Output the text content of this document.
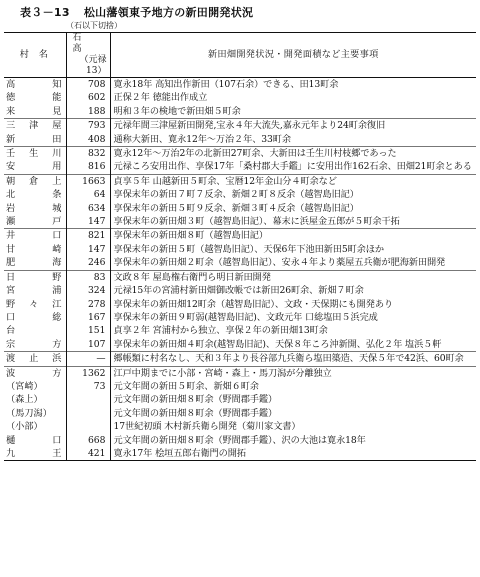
表３－13 松山藩領東予地方の新田開発状況
（石以下切捨）
村名	石高
（元禄13）	新田畑開発状況・開発面積など主要事項
高知	708	寛永18年 高知出作新田（107石余）できる、田13町余
徳能	602	正保２年 徳能出作成立
来見	188	明和３年の検地で新田畑５町余
三津屋	793	元禄年間三津屋新田開発,宝永４年大流失,嘉永元年より24町余復旧
新田	408	通称大新田、寛永12年～万治２年、33町余
壬生川	832	寛永12年～万治2年の北新田27町余、大新田は壬生川村枝郷であった
安用	816	元禄ころ安用出作、享保17年「桑村郡大手鑑」に安用出作162石余、田畑21町余とある
朝倉上	1663	貞享５年 山越新田５町余、宝暦12年金山分４町余など
北条	64	享保末年の新田７町７反余、新畑２町８反余（越智島旧記）
岩城	634	享保末年の新田５町９反余、新畑３町４反余（越智島旧記）
瀬戸	147	享保末年の新田畑３町（越智島旧記）、幕末に浜屋金五郎が５町余干拓
井口	821	享保末年の新田畑８町（越智島旧記）
甘崎	147	享保末年の新田５町（越智島旧記）、天保6年下池田新田5町余ほか
肥海	246	享保末年の新田畑２町余（越智島旧記）、安永４年より薬屋五兵衛が肥海新田開発
日野	83	文政８年 屋島権右衛門ら明日新田開発
宮浦	324	元禄15年の宮浦村新田畑御改帳では新田26町余、新畑７町余
野々江	278	享保末年の新田畑12町余（越智島旧記）、文政・天保期にも開発あり
口総	167	享保末年の新田９町弱(越智島旧記)、文政元年 口総塩田５浜完成
台	151	貞享２年 宮浦村から独立、享保２年の新田畑13町余
宗方	107	享保末年の新田畑４町余(越智島旧記)、天保８年ころ沖新開、弘化２年 塩浜５軒
渡止浜	—	郷帳類に村名なし、天和３年より長谷部九兵衛ら塩田築造、天保５年で42浜、60町余
波方	1362	江戸中期までに小部・宮崎・森上・馬刀潟が分離独立
（宮崎）	73	元文年間の新田５町余、新畑６町余
（森上）		元文年間の新田畑８町余（野間郡手鑑）
（馬刀潟）		元文年間の新田畑８町余（野間郡手鑑）
（小部）		17世紀初頭 木村新兵衛ら開発（菊川家文書）
樋口	668	元文年間の新田畑８町余（野間郡手鑑）、沢の大池は寛永18年
九王	421	寛永17年 桧垣五郎右衛門の開拓
